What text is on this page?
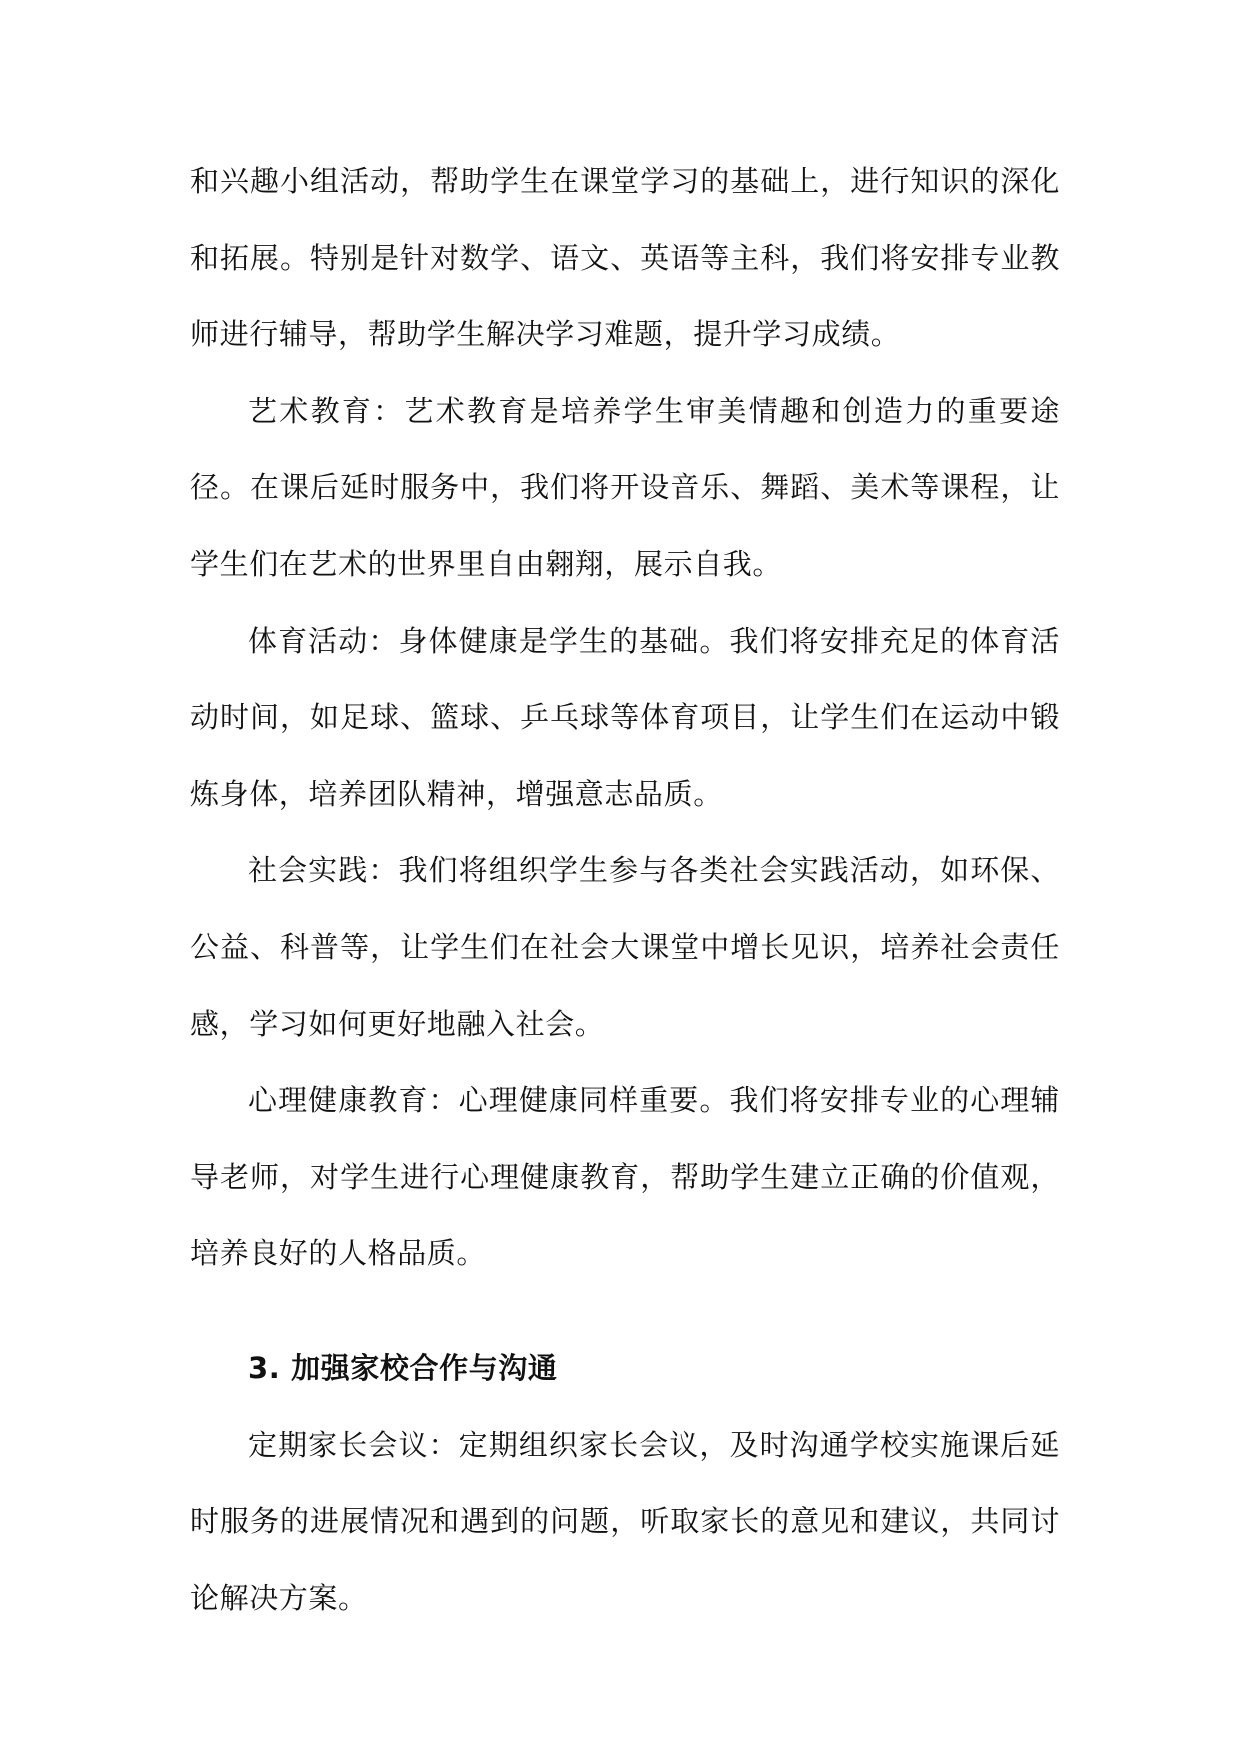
和兴趣小组活动，帮助学生在课堂学习的基础上，进行知识的深化和拓展。特别是针对数学、语文、英语等主科，我们将安排专业教师进行辅导，帮助学生解决学习难题，提升学习成绩。

艺术教育：艺术教育是培养学生审美情趣和创造力的重要途径。在课后延时服务中，我们将开设音乐、舞蹈、美术等课程，让学生们在艺术的世界里自由翱翔，展示自我。

体育活动：身体健康是学生的基础。我们将安排充足的体育活动时间，如足球、篮球、乒乓球等体育项目，让学生们在运动中锻炼身体，培养团队精神，增强意志品质。

社会实践：我们将组织学生参与各类社会实践活动，如环保、公益、科普等，让学生们在社会大课堂中增长见识，培养社会责任感，学习如何更好地融入社会。

心理健康教育：心理健康同样重要。我们将安排专业的心理辅导老师，对学生进行心理健康教育，帮助学生建立正确的价值观，培养良好的人格品质。

3. 加强家校合作与沟通

定期家长会议：定期组织家长会议，及时沟通学校实施课后延时服务的进展情况和遇到的问题，听取家长的意见和建议，共同讨论解决方案。
